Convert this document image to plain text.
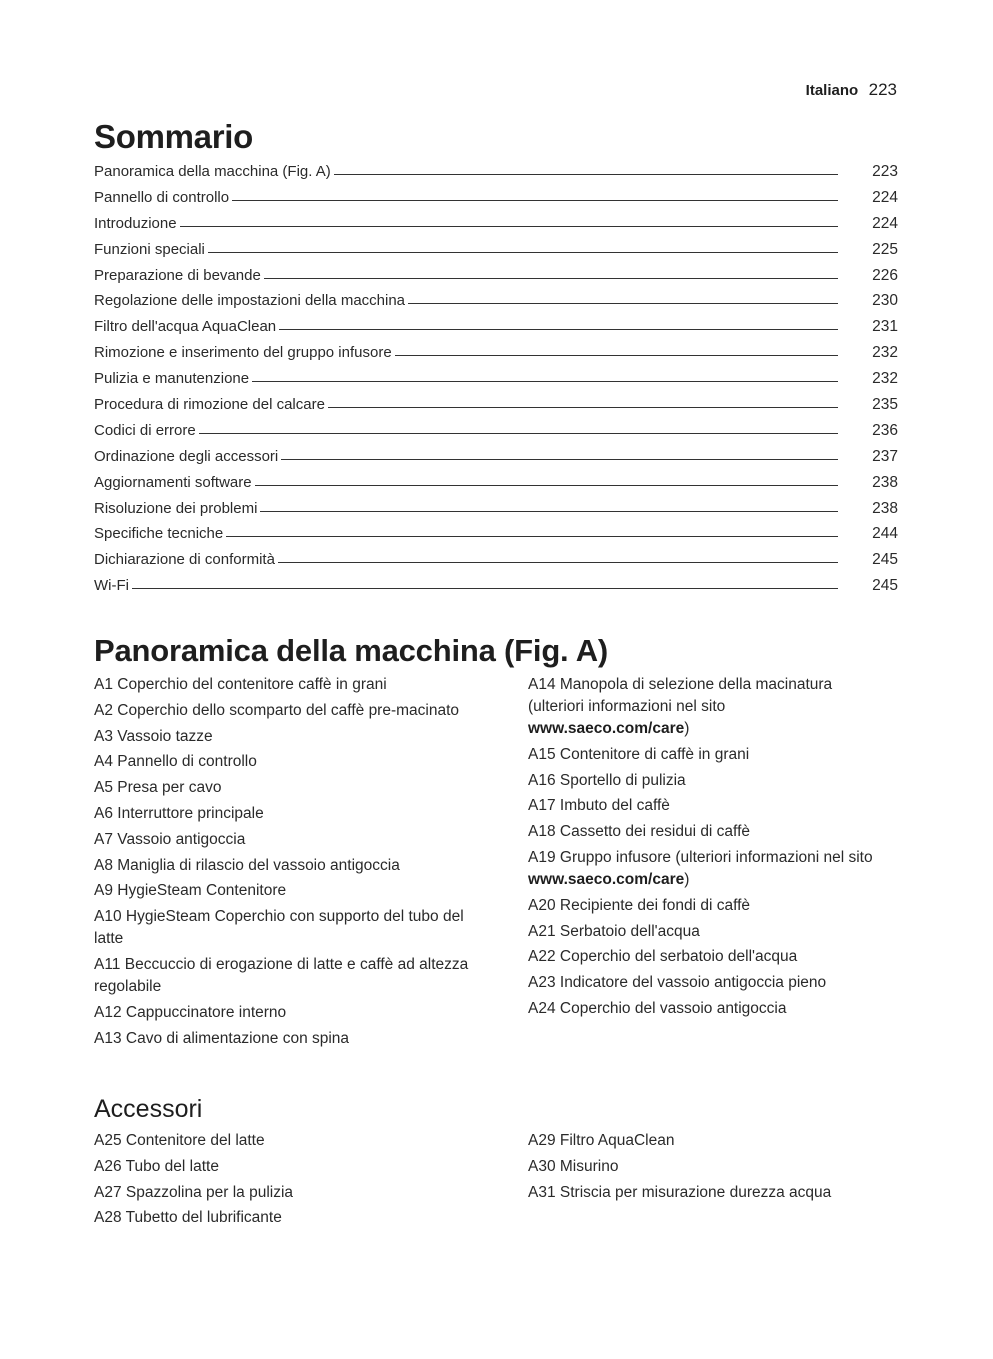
Italiano 223
Sommario
Panoramica della macchina (Fig. A)	223
Pannello di controllo	224
Introduzione	224
Funzioni speciali	225
Preparazione di bevande	226
Regolazione delle impostazioni della macchina	230
Filtro dell'acqua AquaClean	231
Rimozione e inserimento del gruppo infusore	232
Pulizia e manutenzione	232
Procedura di rimozione del calcare	235
Codici di errore	236
Ordinazione degli accessori	237
Aggiornamenti software	238
Risoluzione dei problemi	238
Specifiche tecniche	244
Dichiarazione di conformità	245
Wi-Fi	245
Panoramica della macchina (Fig. A)
A1 Coperchio del contenitore caffè in grani
A2 Coperchio dello scomparto del caffè pre-macinato
A3 Vassoio tazze
A4 Pannello di controllo
A5 Presa per cavo
A6 Interruttore principale
A7 Vassoio antigoccia
A8 Maniglia di rilascio del vassoio antigoccia
A9 HygieSteam Contenitore
A10 HygieSteam Coperchio con supporto del tubo del latte
A11 Beccuccio di erogazione di latte e caffè ad altezza regolabile
A12 Cappuccinatore interno
A13 Cavo di alimentazione con spina
A14 Manopola di selezione della macinatura (ulteriori informazioni nel sito www.saeco.com/care)
A15 Contenitore di caffè in grani
A16 Sportello di pulizia
A17 Imbuto del caffè
A18 Cassetto dei residui di caffè
A19 Gruppo infusore (ulteriori informazioni nel sito www.saeco.com/care)
A20 Recipiente dei fondi di caffè
A21 Serbatoio dell'acqua
A22 Coperchio del serbatoio dell'acqua
A23 Indicatore del vassoio antigoccia pieno
A24 Coperchio del vassoio antigoccia
Accessori
A25 Contenitore del latte
A26 Tubo del latte
A27 Spazzolina per la pulizia
A28 Tubetto del lubrificante
A29 Filtro AquaClean
A30 Misurino
A31 Striscia per misurazione durezza acqua
